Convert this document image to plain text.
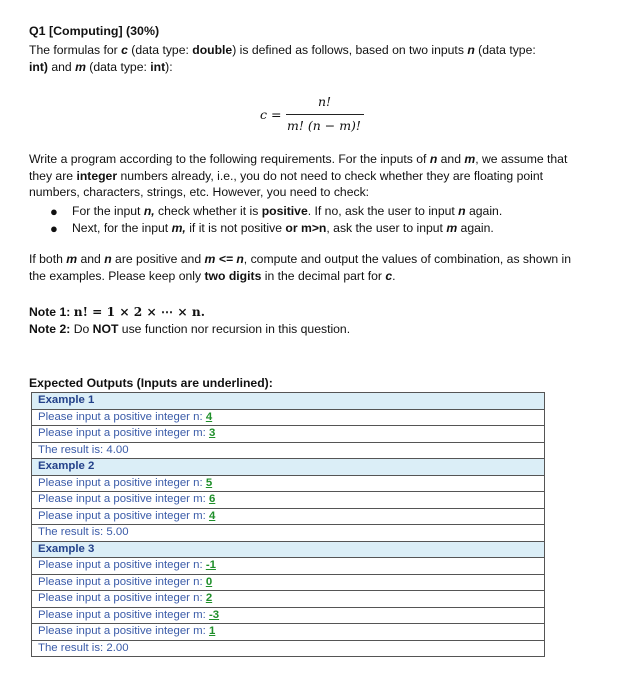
Q1 [Computing] (30%)
The formulas for c (data type: double) is defined as follows, based on two inputs n (data type:
int) and m (data type: int):
c =
n!
m! (n − m)!
Write a program according to the following requirements. For the inputs of n and m, we assume that they are integer numbers already, i.e., you do not need to check whether they are floating point numbers, characters, strings, etc. However, you need to check:
● For the input n, check whether it is positive. If no, ask the user to input n again.
● Next, for the input m, if it is not positive or m>n, ask the user to input m again.
If both m and n are positive and m <= n, compute and output the values of combination, as shown in the examples. Please keep only two digits in the decimal part for c.
Note 1: n! = 1 × 2 × ⋯ × n.
Note 2: Do NOT use function nor recursion in this question.
Expected Outputs (Inputs are underlined):
Example 1
Please input a positive integer n: 4
Please input a positive integer m: 3
The result is: 4.00
Example 2
Please input a positive integer n: 5
Please input a positive integer m: 6
Please input a positive integer m: 4
The result is: 5.00
Example 3
Please input a positive integer n: -1
Please input a positive integer n: 0
Please input a positive integer n: 2
Please input a positive integer m: -3
Please input a positive integer m: 1
The result is: 2.00
